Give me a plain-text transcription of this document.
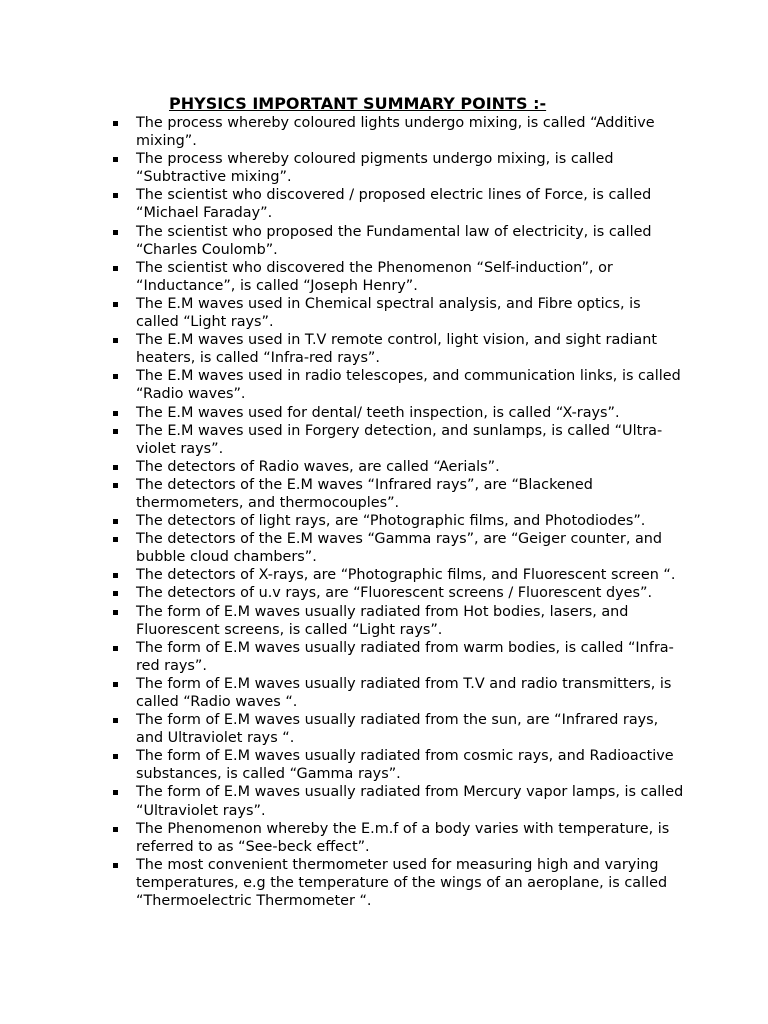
PHYSICS IMPORTANT SUMMARY POINTS :-
The process whereby coloured lights undergo mixing, is called “Additive mixing”.
The process whereby coloured pigments undergo mixing, is called “Subtractive mixing”.
The scientist who discovered / proposed electric lines of Force, is called “Michael Faraday”.
The scientist who proposed the Fundamental law of electricity, is called “Charles Coulomb”.
The scientist who discovered the Phenomenon “Self-induction”, or “Inductance”, is called “Joseph Henry”.
The E.M waves used in Chemical spectral analysis, and Fibre optics, is called “Light rays”.
The E.M waves used in T.V remote control, light vision, and sight radiant heaters, is called “Infra-red rays”.
The E.M waves used in radio telescopes, and communication links, is called “Radio waves”.
The E.M waves used for dental/ teeth inspection, is called “X-rays”.
The E.M waves used in Forgery detection, and sunlamps, is called “Ultra-violet rays”.
The detectors of Radio waves, are called “Aerials”.
The detectors of the E.M waves “Infrared rays”, are “Blackened thermometers, and thermocouples”.
The detectors of light rays, are “Photographic films, and Photodiodes”.
The detectors of the E.M waves “Gamma rays”, are “Geiger counter, and bubble cloud chambers”.
The detectors of X-rays, are “Photographic films, and Fluorescent screen “.
The detectors of u.v rays, are “Fluorescent screens / Fluorescent dyes”.
The form of E.M waves usually radiated from Hot bodies, lasers, and Fluorescent screens, is called “Light rays”.
The form of E.M waves usually radiated from warm bodies, is called “Infra-red rays”.
The form of E.M waves usually radiated from T.V and radio transmitters, is called “Radio waves “.
The form of E.M waves usually radiated from the sun, are “Infrared rays, and Ultraviolet rays “.
The form of E.M waves usually radiated from cosmic rays, and Radioactive substances, is called “Gamma rays”.
The form of E.M waves usually radiated from Mercury vapor lamps, is called “Ultraviolet rays”.
The Phenomenon whereby the E.m.f of a body varies with temperature, is referred to as “See-beck effect”.
The most convenient thermometer used for measuring high and varying temperatures, e.g the temperature of the wings of an aeroplane, is called “Thermoelectric Thermometer “.
